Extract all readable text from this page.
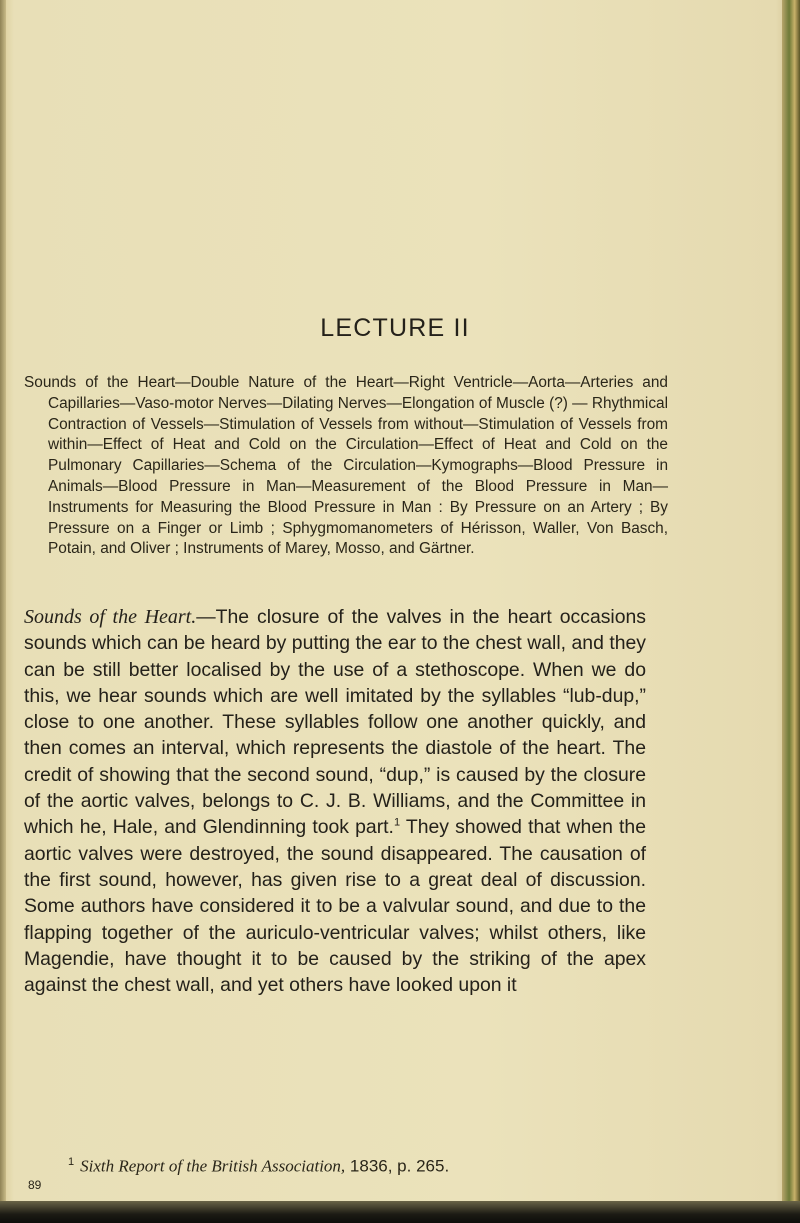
LECTURE II
Sounds of the Heart—Double Nature of the Heart—Right Ventricle—Aorta—Arteries and Capillaries—Vaso-motor Nerves—Dilating Nerves—Elongation of Muscle (?) — Rhythmical Contraction of Vessels—Stimulation of Vessels from without—Stimulation of Vessels from within—Effect of Heat and Cold on the Circulation—Effect of Heat and Cold on the Pulmonary Capillaries—Schema of the Circulation—Kymographs—Blood Pressure in Animals—Blood Pressure in Man—Measurement of the Blood Pressure in Man—Instruments for Measuring the Blood Pressure in Man : By Pressure on an Artery ; By Pressure on a Finger or Limb ; Sphygmomanometers of Hérisson, Waller, Von Basch, Potain, and Oliver ; Instruments of Marey, Mosso, and Gärtner.
Sounds of the Heart.—The closure of the valves in the heart occasions sounds which can be heard by putting the ear to the chest wall, and they can be still better localised by the use of a stethoscope. When we do this, we hear sounds which are well imitated by the syllables “lub-dup,” close to one another. These syllables follow one another quickly, and then comes an interval, which represents the diastole of the heart. The credit of showing that the second sound, “dup,” is caused by the closure of the aortic valves, belongs to C. J. B. Williams, and the Committee in which he, Hale, and Glendinning took part.$^1$ They showed that when the aortic valves were destroyed, the sound disappeared. The causation of the first sound, however, has given rise to a great deal of discussion. Some authors have considered it to be a valvular sound, and due to the flapping together of the auriculo-ventricular valves; whilst others, like Magendie, have thought it to be caused by the striking of the apex against the chest wall, and yet others have looked upon it
$^1$ Sixth Report of the British Association, 1836, p. 265.
89
